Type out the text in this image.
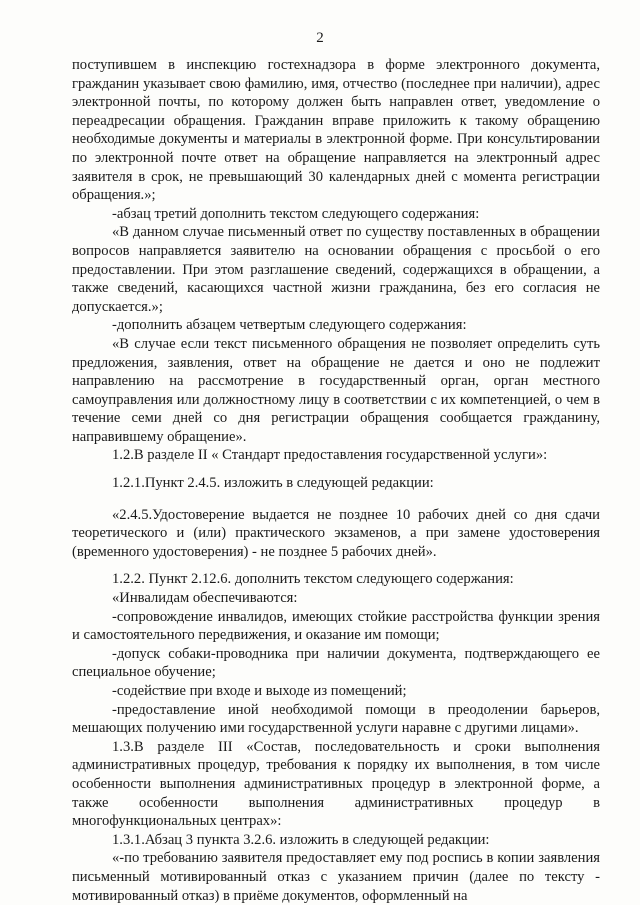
2

поступившем в инспекцию гостехнадзора в форме электронного документа, гражданин указывает свою фамилию, имя, отчество (последнее при наличии), адрес электронной почты, по которому должен быть направлен ответ, уведомление о переадресации обращения. Гражданин вправе приложить к такому обращению необходимые документы и материалы в электронной форме. При консультировании по электронной почте ответ на обращение направляется на электронный адрес заявителя в срок, не превышающий 30 календарных дней с момента регистрации обращения.»;

-абзац третий дополнить текстом следующего содержания:

«В данном случае письменный ответ по существу поставленных в обращении вопросов направляется заявителю на основании обращения с просьбой о его предоставлении. При этом разглашение сведений, содержащихся в обращении, а также сведений, касающихся частной жизни гражданина, без его согласия не допускается.»;

-дополнить абзацем четвертым следующего содержания:

«В случае если текст письменного обращения не позволяет определить суть предложения, заявления, ответ на обращение не дается и оно не подлежит направлению на рассмотрение в государственный орган, орган местного самоуправления или должностному лицу в соответствии с их компетенцией, о чем в течение семи дней со дня регистрации обращения сообщается гражданину, направившему обращение».

1.2.В разделе II « Стандарт предоставления государственной услуги»:

1.2.1.Пункт 2.4.5. изложить в следующей редакции:

«2.4.5.Удостоверение выдается не позднее 10 рабочих дней со дня сдачи теоретического и (или) практического экзаменов, а при замене удостоверения (временного удостоверения) - не позднее 5 рабочих дней».

1.2.2. Пункт 2.12.6. дополнить текстом следующего содержания:

«Инвалидам обеспечиваются:

-сопровождение инвалидов, имеющих стойкие расстройства функции зрения и самостоятельного передвижения, и оказание им помощи;

-допуск собаки-проводника при наличии документа, подтверждающего ее специальное обучение;

-содействие при входе и выходе из помещений;

-предоставление иной необходимой помощи в преодолении барьеров, мешающих получению ими государственной услуги наравне с другими лицами».

1.3.В разделе III «Состав, последовательность и сроки выполнения административных процедур, требования к порядку их выполнения, в том числе особенности выполнения административных процедур в электронной форме, а также особенности выполнения административных процедур в многофункциональных центрах»:

1.3.1.Абзац 3 пункта 3.2.6. изложить в следующей редакции:

«-по требованию заявителя предоставляет ему под роспись в копии заявления письменный мотивированный отказ с указанием причин (далее по тексту - мотивированный отказ) в приёме документов, оформленный на
